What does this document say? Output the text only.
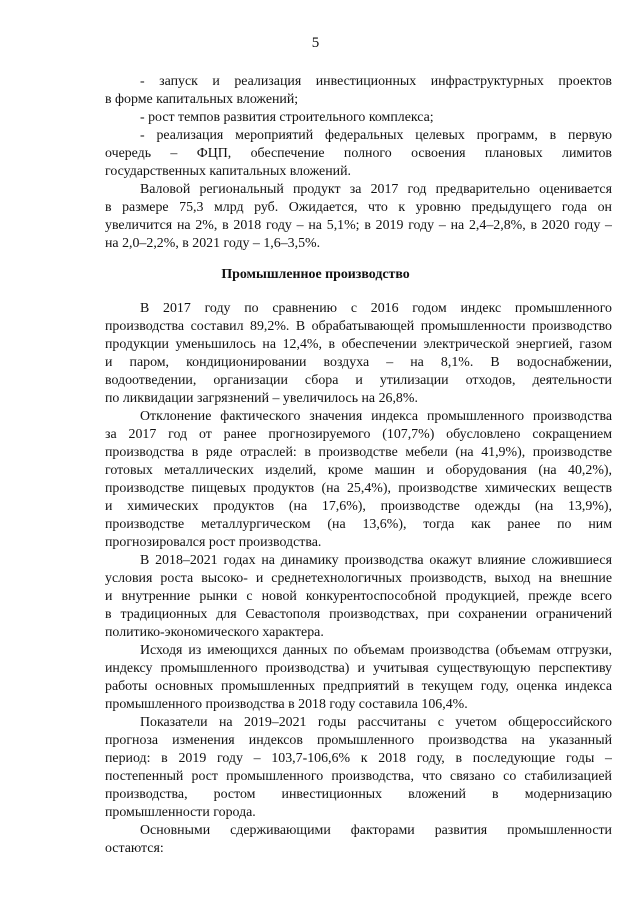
5
- запуск и реализация инвестиционных инфраструктурных проектов
в форме капитальных вложений;
- рост темпов развития строительного комплекса;
- реализация мероприятий федеральных целевых программ, в первую
очередь – ФЦП, обеспечение полного освоения плановых лимитов
государственных капитальных вложений.
Валовой региональный продукт за 2017 год предварительно оценивается
в размере 75,3 млрд руб. Ожидается, что к уровню предыдущего года он
увеличится на 2%, в 2018 году – на 5,1%; в 2019 году – на 2,4–2,8%, в 2020 году –
на 2,0–2,2%, в 2021 году – 1,6–3,5%.
Промышленное производство
В 2017 году по сравнению с 2016 годом индекс промышленного
производства составил 89,2%. В обрабатывающей промышленности производство
продукции уменьшилось на 12,4%, в обеспечении электрической энергией, газом
и паром, кондиционировании воздуха – на 8,1%. В водоснабжении,
водоотведении, организации сбора и утилизации отходов, деятельности
по ликвидации загрязнений – увеличилось на 26,8%.
Отклонение фактического значения индекса промышленного производства
за 2017 год от ранее прогнозируемого (107,7%) обусловлено сокращением
производства в ряде отраслей: в производстве мебели (на 41,9%), производстве
готовых металлических изделий, кроме машин и оборудования (на 40,2%),
производстве пищевых продуктов (на 25,4%), производстве химических веществ
и химических продуктов (на 17,6%), производстве одежды (на 13,9%),
производстве металлургическом (на 13,6%), тогда как ранее по ним
прогнозировался рост производства.
В 2018–2021 годах на динамику производства окажут влияние сложившиеся
условия роста высоко- и среднетехнологичных производств, выход на внешние
и внутренние рынки с новой конкурентоспособной продукцией, прежде всего
в традиционных для Севастополя производствах, при сохранении ограничений
политико-экономического характера.
Исходя из имеющихся данных по объемам производства (объемам отгрузки,
индексу промышленного производства) и учитывая существующую перспективу
работы основных промышленных предприятий в текущем году, оценка индекса
промышленного производства в 2018 году составила 106,4%.
Показатели на 2019–2021 годы рассчитаны с учетом общероссийского
прогноза изменения индексов промышленного производства на указанный
период: в 2019 году – 103,7-106,6% к 2018 году, в последующие годы –
постепенный рост промышленного производства, что связано со стабилизацией
производства, ростом инвестиционных вложений в модернизацию
промышленности города.
Основными сдерживающими факторами развития промышленности
остаются:
